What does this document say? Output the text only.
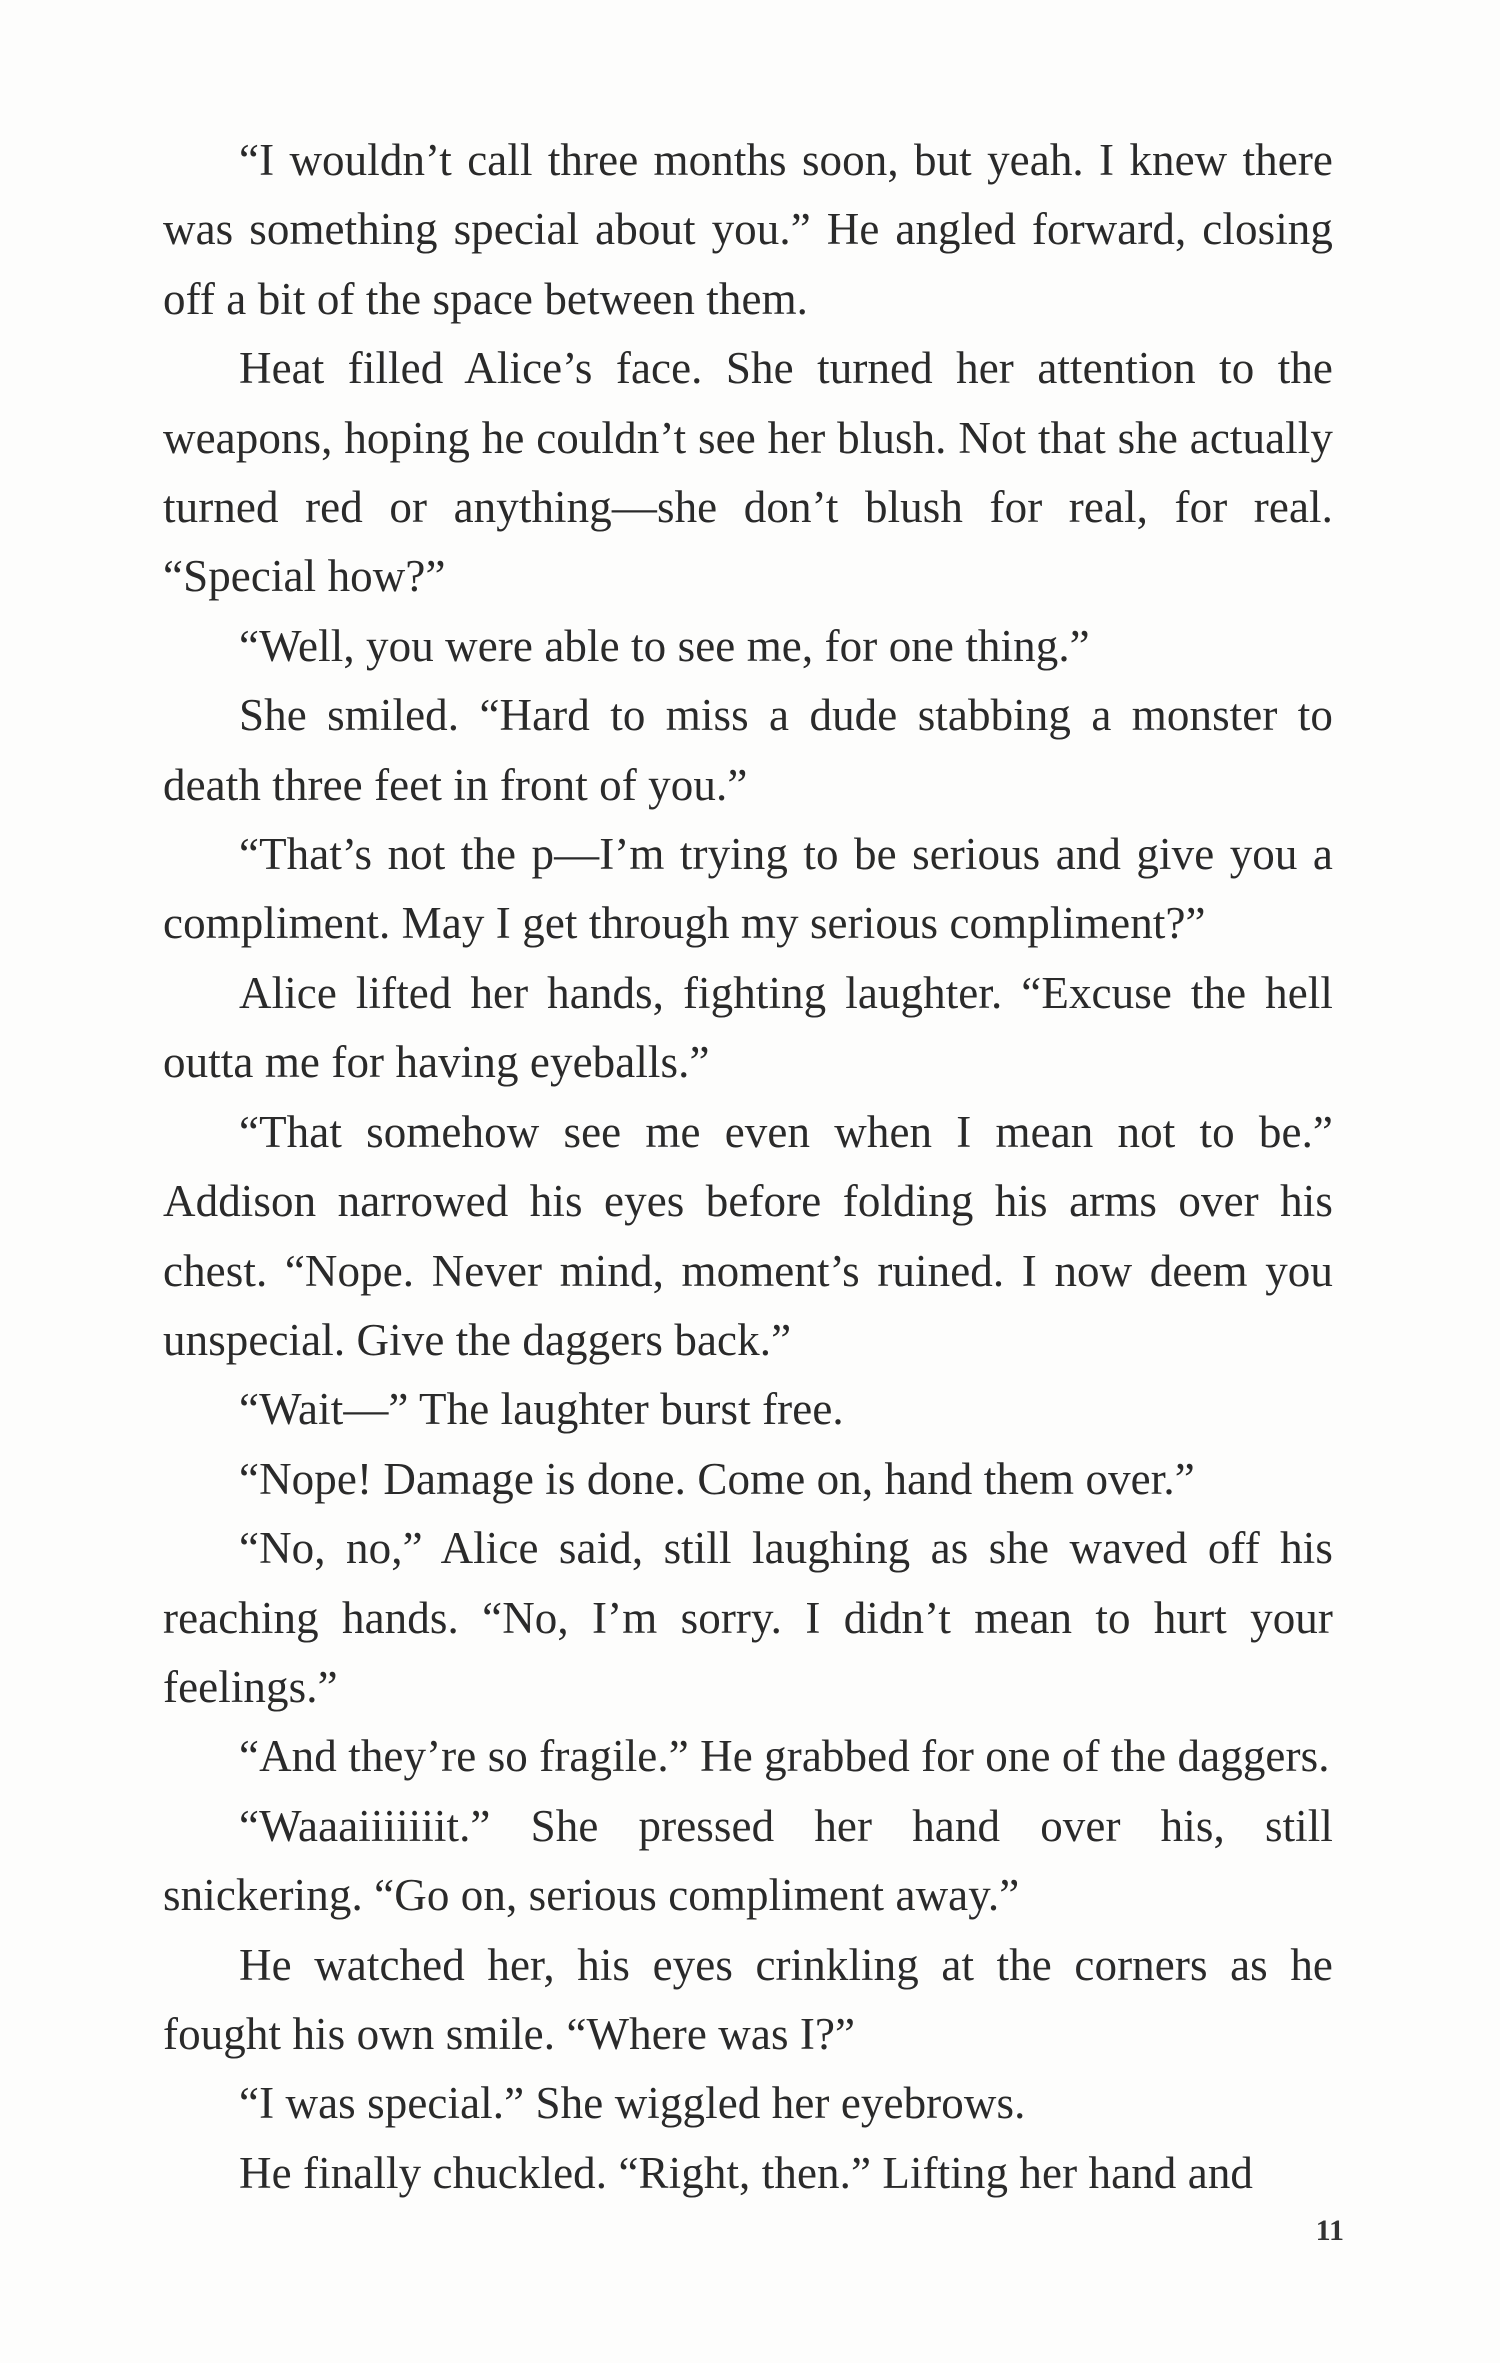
“I wouldn’t call three months soon, but yeah. I knew there was something special about you.” He angled forward, closing off a bit of the space between them.

Heat filled Alice’s face. She turned her attention to the weapons, hoping he couldn’t see her blush. Not that she actually turned red or anything—she don’t blush for real, for real. “Special how?”

“Well, you were able to see me, for one thing.”

She smiled. “Hard to miss a dude stabbing a monster to death three feet in front of you.”

“That’s not the p—I’m trying to be serious and give you a compliment. May I get through my serious compliment?”

Alice lifted her hands, fighting laughter. “Excuse the hell outta me for having eyeballs.”

“That somehow see me even when I mean not to be.” Addison narrowed his eyes before folding his arms over his chest. “Nope. Never mind, moment’s ruined. I now deem you unspecial. Give the daggers back.”

“Wait—” The laughter burst free.

“Nope! Damage is done. Come on, hand them over.”

“No, no,” Alice said, still laughing as she waved off his reaching hands. “No, I’m sorry. I didn’t mean to hurt your feelings.”

“And they’re so fragile.” He grabbed for one of the daggers.

“Waaaiiiiiiit.” She pressed her hand over his, still snickering. “Go on, serious compliment away.”

He watched her, his eyes crinkling at the corners as he fought his own smile. “Where was I?”

“I was special.” She wiggled her eyebrows.

He finally chuckled. “Right, then.” Lifting her hand and

11
